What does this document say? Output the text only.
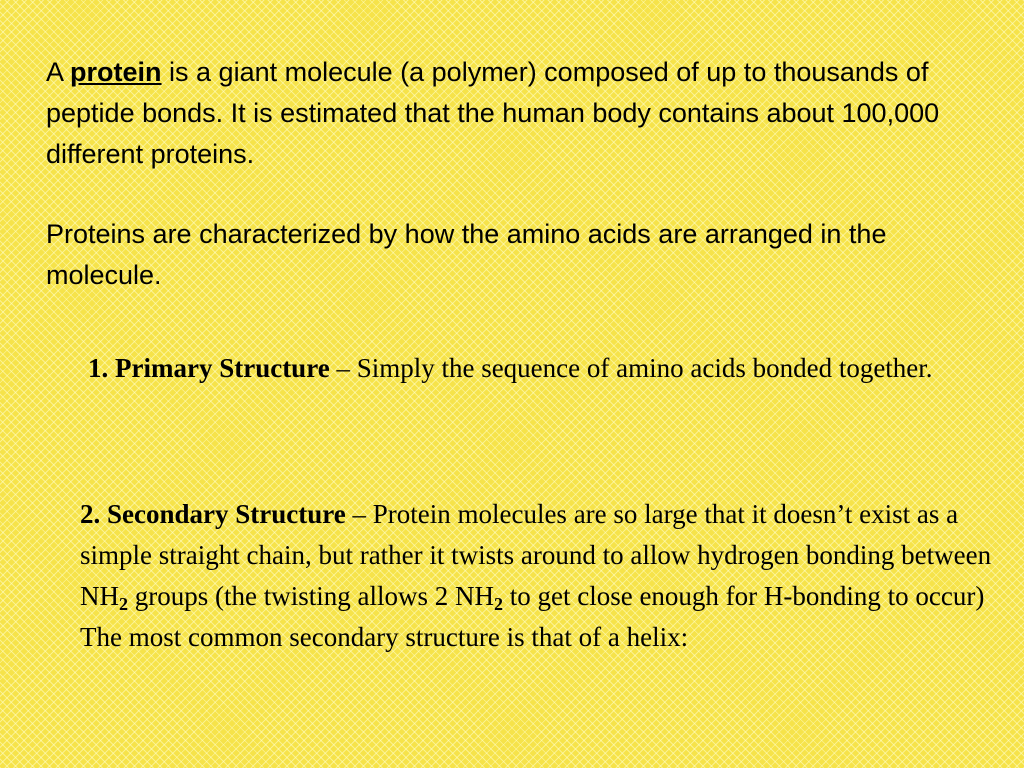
A protein is a giant molecule (a polymer) composed of up to thousands of peptide bonds. It is estimated that the human body contains about 100,000 different proteins.

Proteins are characterized by how the amino acids are arranged in the molecule.

1. Primary Structure – Simply the sequence of amino acids bonded together.

2. Secondary Structure – Protein molecules are so large that it doesn’t exist as a simple straight chain, but rather it twists around to allow hydrogen bonding between $NH_2$ groups (the twisting allows 2 $NH_2$ to get close enough for H-bonding to occur) The most common secondary structure is that of a helix:
